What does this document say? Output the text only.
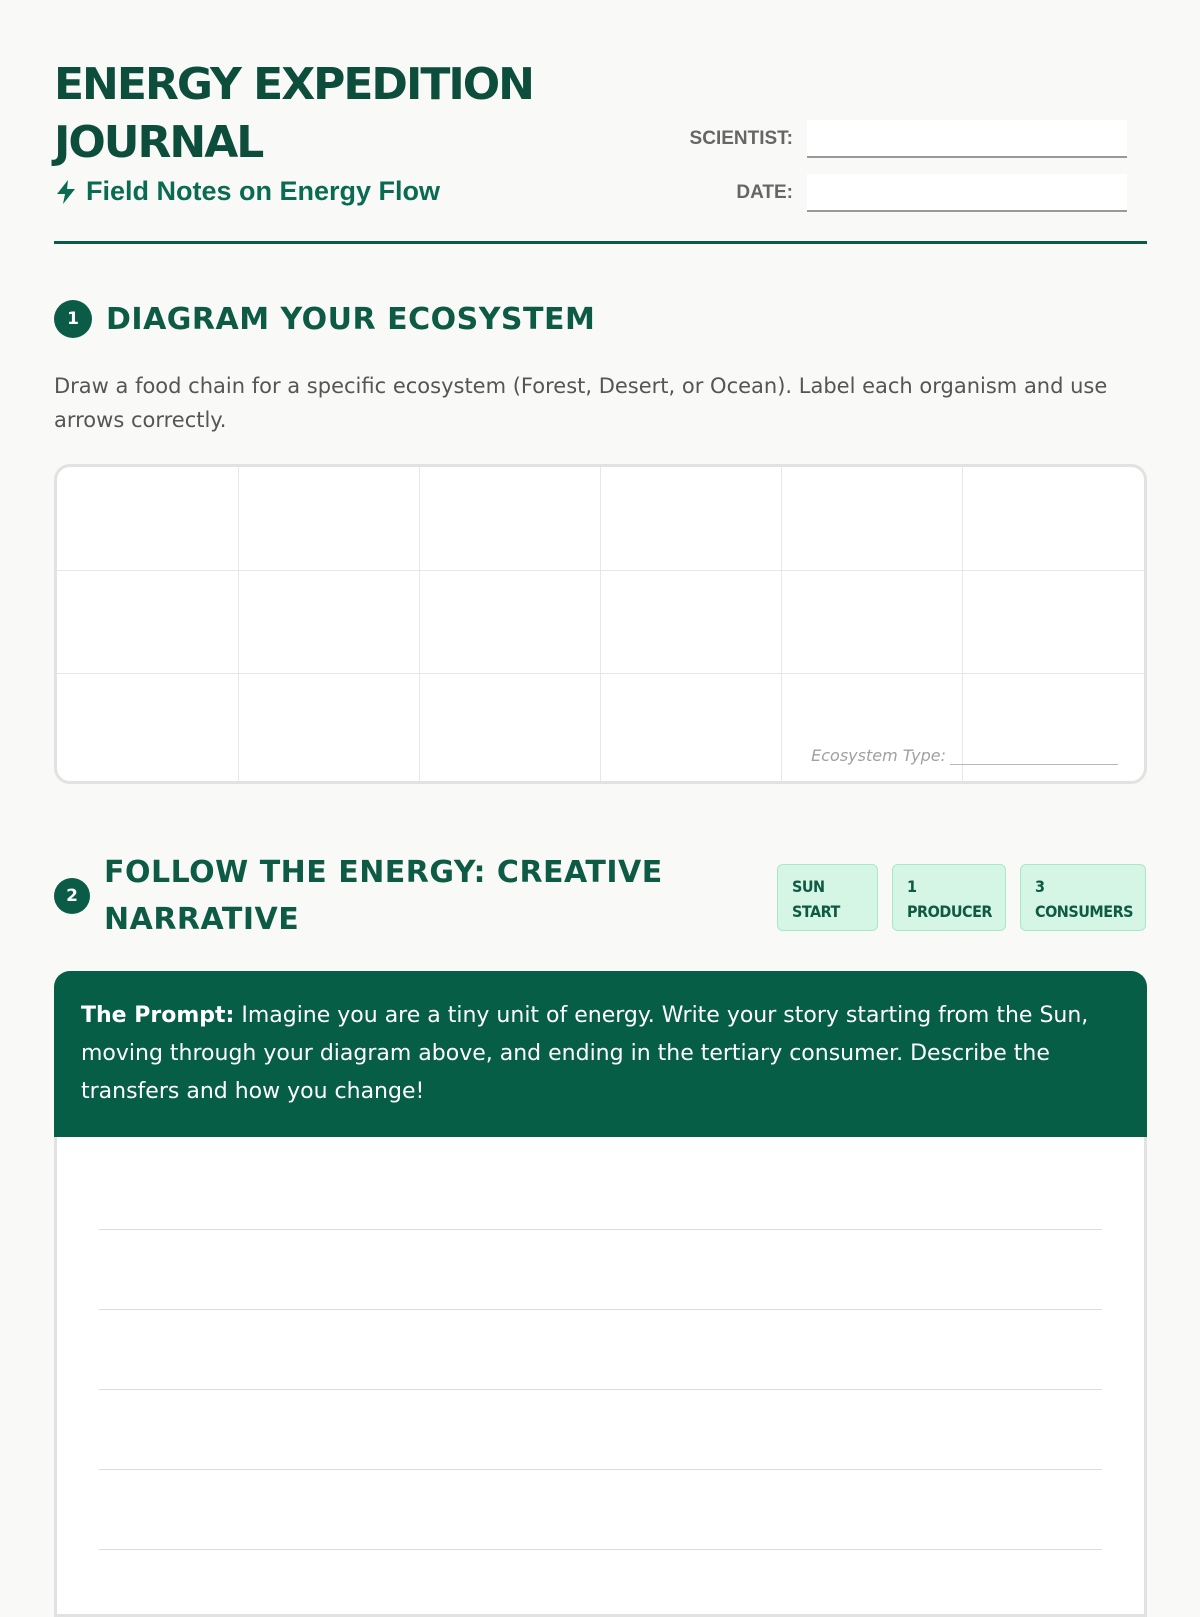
ENERGY EXPEDITION
JOURNAL
Field Notes on Energy Flow
SCIENTIST:
DATE:
1 DIAGRAM YOUR ECOSYSTEM
Draw a food chain for a specific ecosystem (Forest, Desert, or Ocean). Label each organism and use arrows correctly.
Ecosystem Type:
2
FOLLOW THE ENERGY: CREATIVE NARRATIVE
SUN
START
1
PRODUCER
3
CONSUMERS
The Prompt: Imagine you are a tiny unit of energy. Write your story starting from the Sun, moving through your diagram above, and ending in the tertiary consumer. Describe the transfers and how you change!
